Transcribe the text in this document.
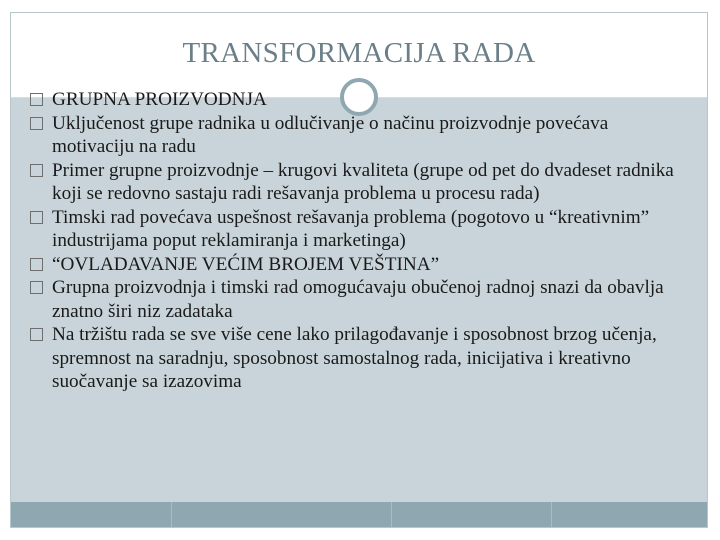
TRANSFORMACIJA RADA
GRUPNA PROIZVODNJA
Uključenost grupe radnika u odlučivanje o načinu proizvodnje povećava motivaciju na radu
Primer grupne proizvodnje – krugovi kvaliteta (grupe od pet do dvadeset radnika koji se redovno sastaju radi rešavanja problema u procesu rada)
Timski rad povećava uspešnost rešavanja problema (pogotovo u “kreativnim” industrijama poput reklamiranja i marketinga)
“OVLADAVANJE VEĆIM BROJEM VEŠTINA”
Grupna proizvodnja i timski rad omogućavaju obučenoj radnoj snazi da obavlja znatno širi niz zadataka
Na tržištu rada se sve više cene lako prilagođavanje i sposobnost brzog učenja, spremnost na saradnju, sposobnost samostalnog rada, inicijativa i kreativno suočavanje sa izazovima
